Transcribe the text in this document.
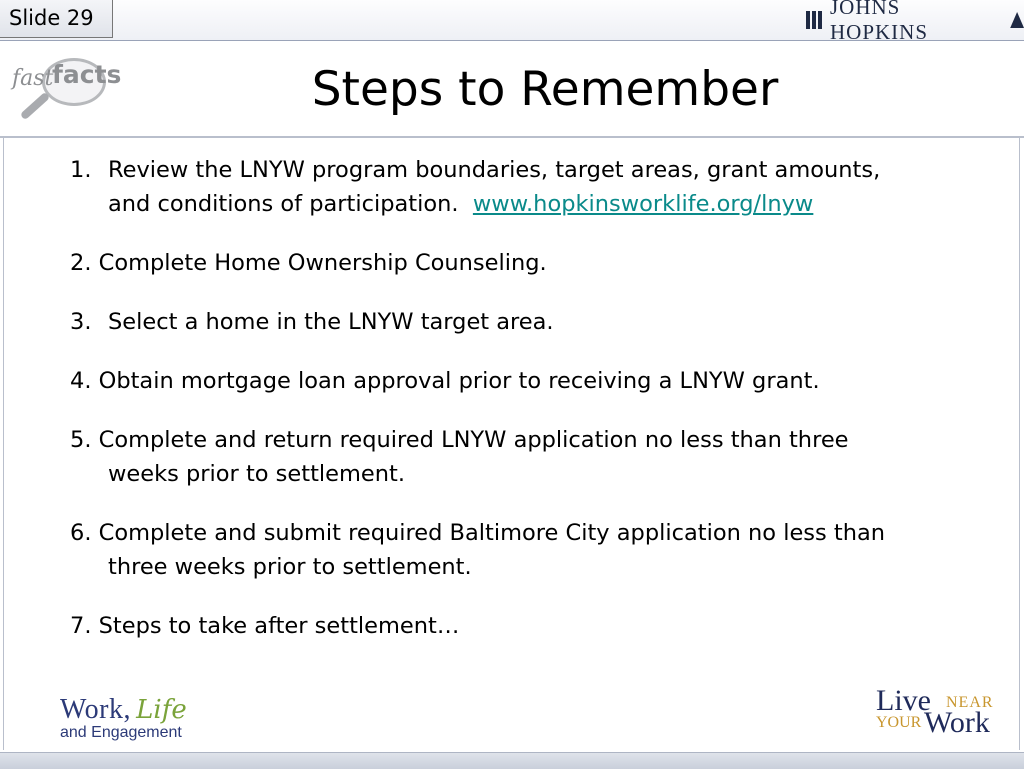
Slide 29	JOHNS HOPKINS
fast
facts	Steps to Remember
1. Review the LNYW program boundaries, target areas, grant amounts,
and conditions of participation. www.hopkinsworklife.org/lnyw
2. Complete Home Ownership Counseling.
3. Select a home in the LNYW target area.
4. Obtain mortgage loan approval prior to receiving a LNYW grant.
5. Complete and return required LNYW application no less than three
weeks prior to settlement.
6. Complete and submit required Baltimore City application no less than
three weeks prior to settlement.
7. Steps to take after settlement…
Work, Life
and Engagement
Live NEAR
YOUR Work
